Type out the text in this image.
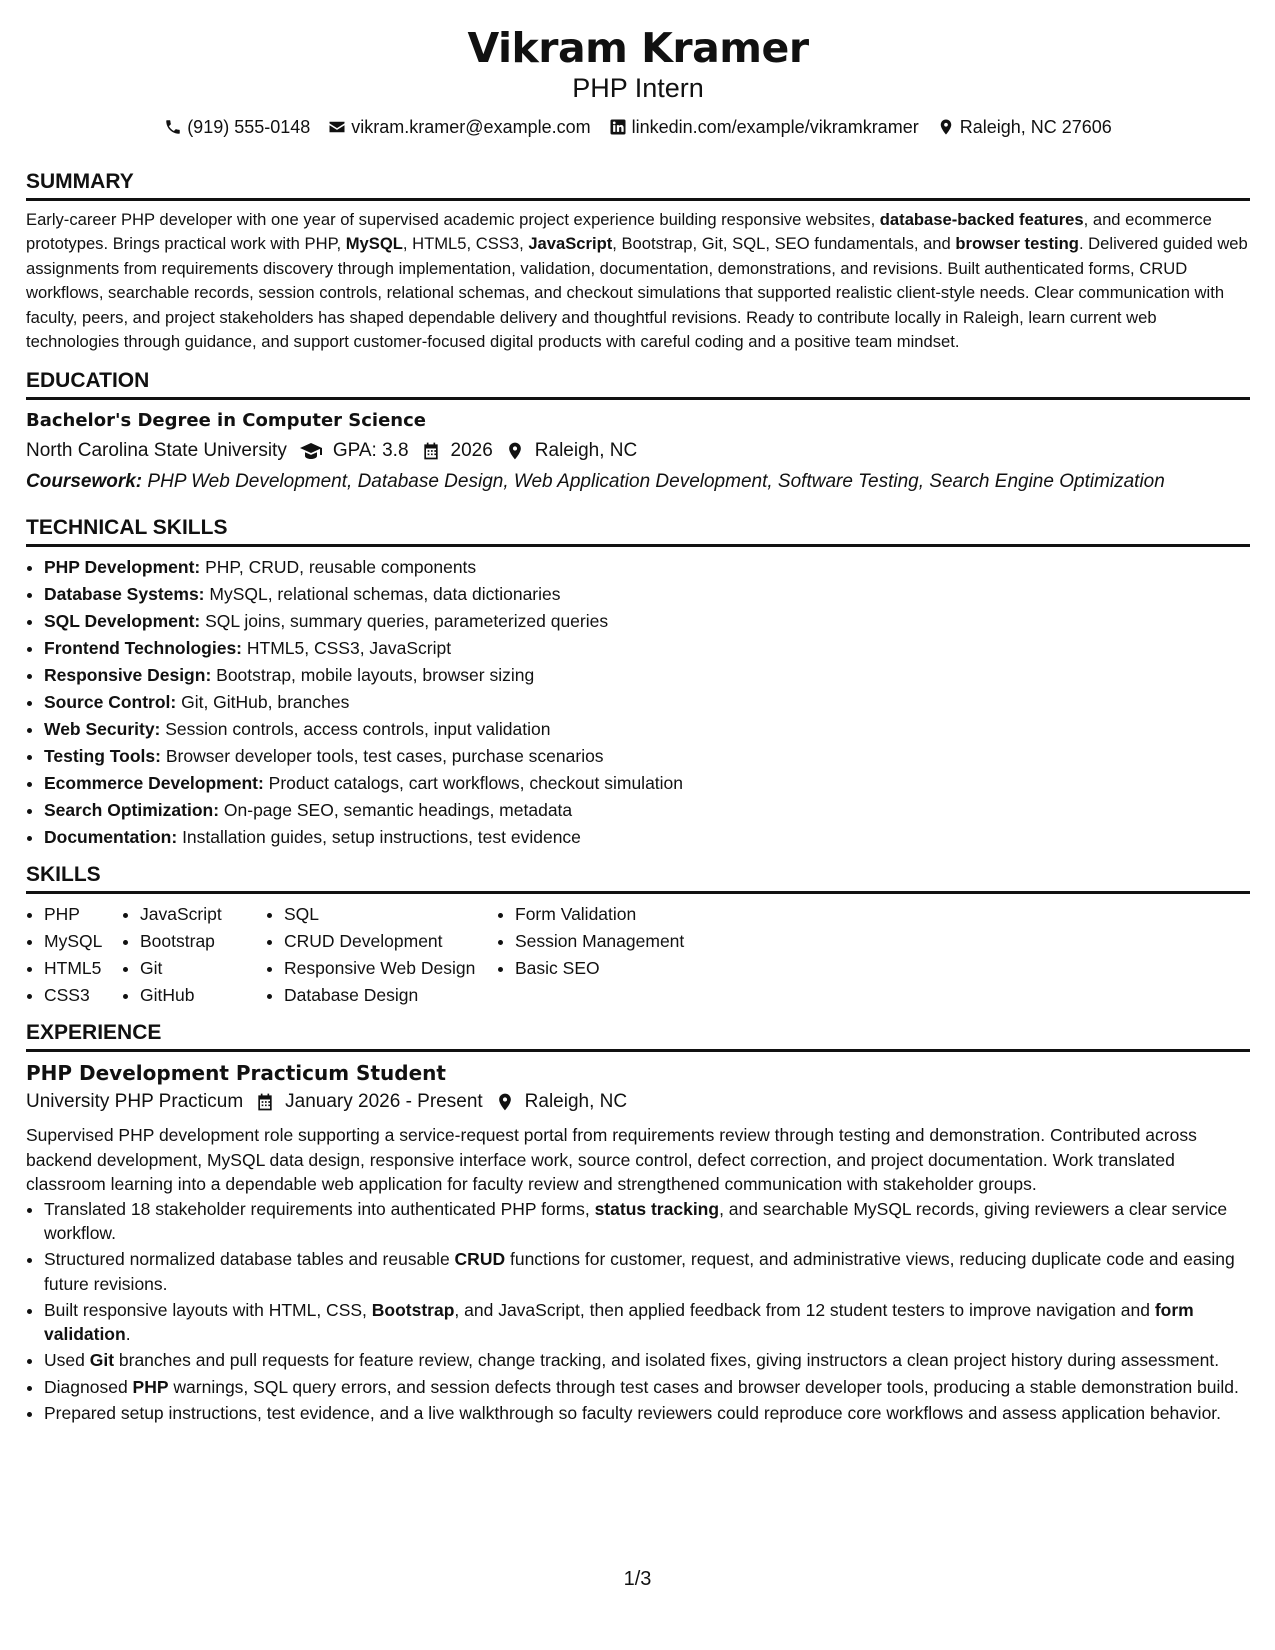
Vikram Kramer
PHP Intern
(919) 555-0148 vikram.kramer@example.com linkedin.com/example/vikramkramer Raleigh, NC 27606
SUMMARY
Early-career PHP developer with one year of supervised academic project experience building responsive websites, database-backed features, and ecommerce prototypes. Brings practical work with PHP, MySQL, HTML5, CSS3, JavaScript, Bootstrap, Git, SQL, SEO fundamentals, and browser testing. Delivered guided web assignments from requirements discovery through implementation, validation, documentation, demonstrations, and revisions. Built authenticated forms, CRUD workflows, searchable records, session controls, relational schemas, and checkout simulations that supported realistic client-style needs. Clear communication with faculty, peers, and project stakeholders has shaped dependable delivery and thoughtful revisions. Ready to contribute locally in Raleigh, learn current web technologies through guidance, and support customer-focused digital products with careful coding and a positive team mindset.
EDUCATION
Bachelor's Degree in Computer Science
North Carolina State University GPA: 3.8 2026 Raleigh, NC
Coursework: PHP Web Development, Database Design, Web Application Development, Software Testing, Search Engine Optimization
TECHNICAL SKILLS
• PHP Development: PHP, CRUD, reusable components
• Database Systems: MySQL, relational schemas, data dictionaries
• SQL Development: SQL joins, summary queries, parameterized queries
• Frontend Technologies: HTML5, CSS3, JavaScript
• Responsive Design: Bootstrap, mobile layouts, browser sizing
• Source Control: Git, GitHub, branches
• Web Security: Session controls, access controls, input validation
• Testing Tools: Browser developer tools, test cases, purchase scenarios
• Ecommerce Development: Product catalogs, cart workflows, checkout simulation
• Search Optimization: On-page SEO, semantic headings, metadata
• Documentation: Installation guides, setup instructions, test evidence
SKILLS
• PHP
• MySQL
• HTML5
• CSS3
• JavaScript
• Bootstrap
• Git
• GitHub
• SQL
• CRUD Development
• Responsive Web Design
• Database Design
• Form Validation
• Session Management
• Basic SEO
EXPERIENCE
PHP Development Practicum Student
University PHP Practicum January 2026 - Present Raleigh, NC
Supervised PHP development role supporting a service-request portal from requirements review through testing and demonstration. Contributed across backend development, MySQL data design, responsive interface work, source control, defect correction, and project documentation. Work translated classroom learning into a dependable web application for faculty review and strengthened communication with stakeholder groups.
• Translated 18 stakeholder requirements into authenticated PHP forms, status tracking, and searchable MySQL records, giving reviewers a clear service workflow.
• Structured normalized database tables and reusable CRUD functions for customer, request, and administrative views, reducing duplicate code and easing future revisions.
• Built responsive layouts with HTML, CSS, Bootstrap, and JavaScript, then applied feedback from 12 student testers to improve navigation and form validation.
• Used Git branches and pull requests for feature review, change tracking, and isolated fixes, giving instructors a clean project history during assessment.
• Diagnosed PHP warnings, SQL query errors, and session defects through test cases and browser developer tools, producing a stable demonstration build.
• Prepared setup instructions, test evidence, and a live walkthrough so faculty reviewers could reproduce core workflows and assess application behavior.
1/3
